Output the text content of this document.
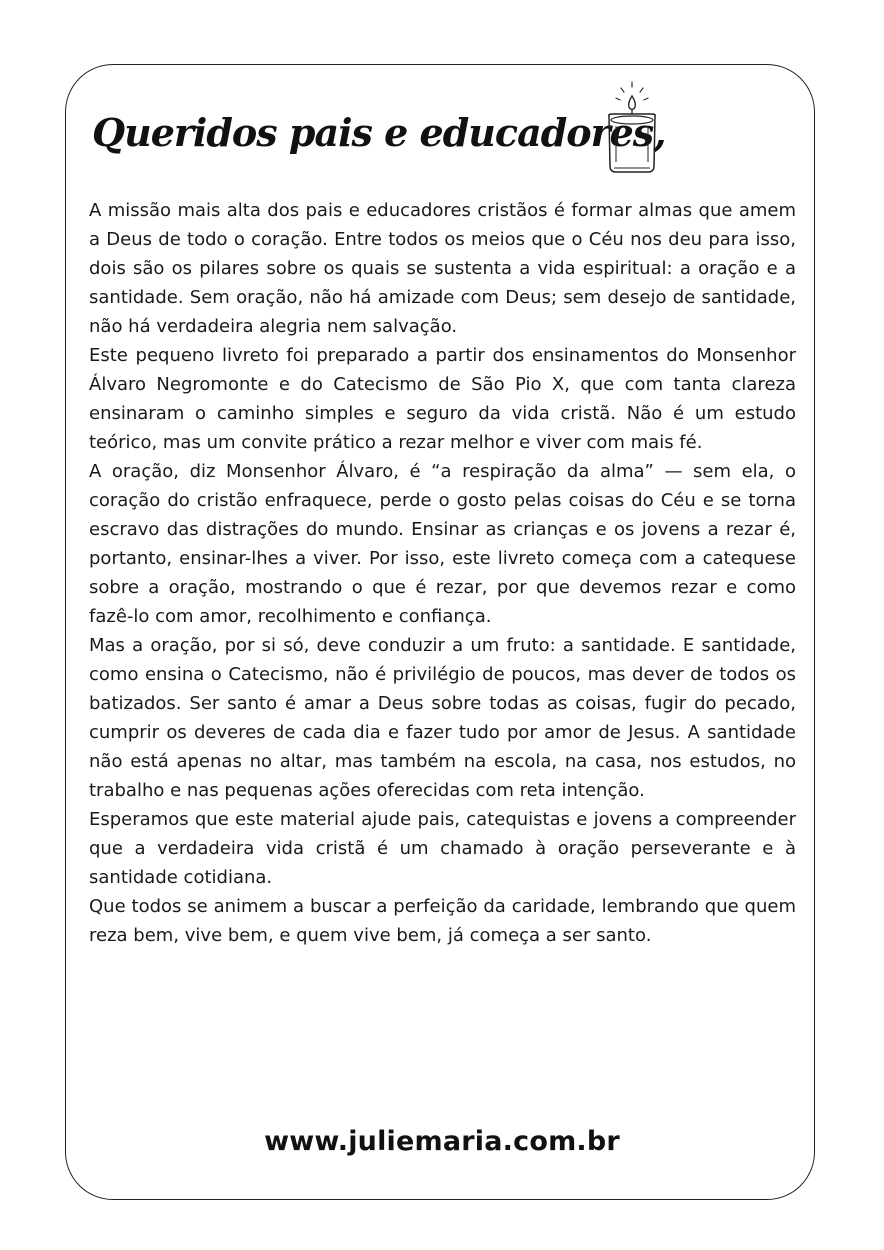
Queridos pais e educadores,

A missão mais alta dos pais e educadores cristãos é formar almas que amem a Deus de todo o coração. Entre todos os meios que o Céu nos deu para isso, dois são os pilares sobre os quais se sustenta a vida espiritual: a oração e a santidade. Sem oração, não há amizade com Deus; sem desejo de santidade, não há verdadeira alegria nem salvação.

Este pequeno livreto foi preparado a partir dos ensinamentos do Monsenhor Álvaro Negromonte e do Catecismo de São Pio X, que com tanta clareza ensinaram o caminho simples e seguro da vida cristã. Não é um estudo teórico, mas um convite prático a rezar melhor e viver com mais fé.

A oração, diz Monsenhor Álvaro, é “a respiração da alma” — sem ela, o coração do cristão enfraquece, perde o gosto pelas coisas do Céu e se torna escravo das distrações do mundo. Ensinar as crianças e os jovens a rezar é, portanto, ensinar-lhes a viver. Por isso, este livreto começa com a catequese sobre a oração, mostrando o que é rezar, por que devemos rezar e como fazê-lo com amor, recolhimento e confiança.

Mas a oração, por si só, deve conduzir a um fruto: a santidade. E santidade, como ensina o Catecismo, não é privilégio de poucos, mas dever de todos os batizados. Ser santo é amar a Deus sobre todas as coisas, fugir do pecado, cumprir os deveres de cada dia e fazer tudo por amor de Jesus. A santidade não está apenas no altar, mas também na escola, na casa, nos estudos, no trabalho e nas pequenas ações oferecidas com reta intenção.

Esperamos que este material ajude pais, catequistas e jovens a compreender que a verdadeira vida cristã é um chamado à oração perseverante e à santidade cotidiana.

Que todos se animem a buscar a perfeição da caridade, lembrando que quem reza bem, vive bem, e quem vive bem, já começa a ser santo.

www.juliemaria.com.br
